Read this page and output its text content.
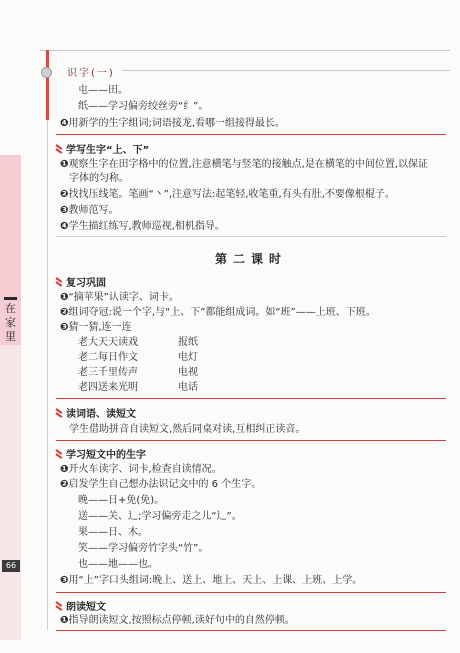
识字(一)
在家里
66
屯——田。
纸——学习偏旁绞丝旁“纟”。
❹用新学的生字组词;词语接龙,看哪一组接得最长。
学写生字“上、下”
❶观察生字在田字格中的位置,注意横笔与竖笔的接触点,是在横笔的中间位置,以保证
字体的匀称。
❷找找压线笔。笔画“丶”,注意写法:起笔轻,收笔重,有头有肚,不要像根棍子。
❸教师范写。
❹学生描红练写,教师巡视,相机指导。
第二课时
复习巩固
❶“摘苹果”认读字、词卡。
❷组词夺冠:说一个字,与“上、下”都能组成词。如“班”——上班、下班。
❸猜一猜,连一连
老大天天读戏	报纸
老二每日作文	电灯
老三千里传声	电视
老四送来光明	电话
读词语、读短文
学生借助拼音自读短文,然后同桌对读,互相纠正读音。
学习短文中的生字
❶开火车读字、词卡,检查自读情况。
❷启发学生自己想办法识记文中的 6 个生字。
晚——日+免(免)。
送——关、辶;学习偏旁走之儿“辶”。
果——日、木。
笑——学习偏旁竹字头“竹”。
也——地——也。
❸用“上”字口头组词:晚上、送上、地上、天上、上课、上班、上学。
朗读短文
❶指导朗读短文,按照标点停顿,读好句中的自然停顿。
